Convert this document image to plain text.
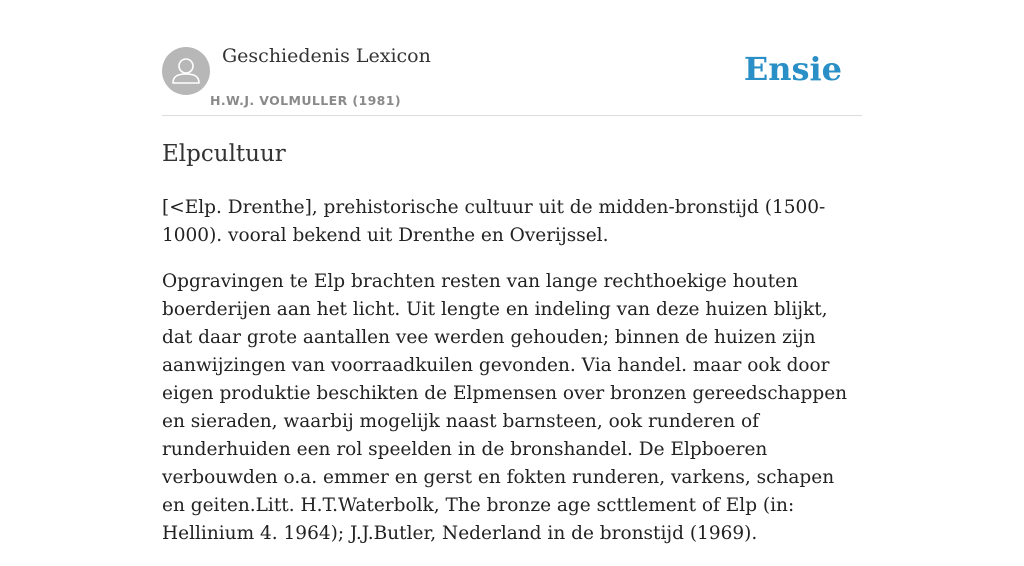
Geschiedenis Lexicon
H.W.J. VOLMULLER (1981)
Ensie
Elpcultuur

[<Elp. Drenthe], prehistorische cultuur uit de midden-bronstijd (1500-1000). vooral bekend uit Drenthe en Overijssel.

Opgravingen te Elp brachten resten van lange rechthoekige houten boerderijen aan het licht. Uit lengte en indeling van deze huizen blijkt, dat daar grote aantallen vee werden gehouden; binnen de huizen zijn aanwijzingen van voorraadkuilen gevonden. Via handel. maar ook door eigen produktie beschikten de Elpmensen over bronzen gereedschappen en sieraden, waarbij mogelijk naast barnsteen, ook runderen of runderhuiden een rol speelden in de bronshandel. De Elpboeren verbouwden o.a. emmer en gerst en fokten runderen, varkens, schapen en geiten.Litt. H.T.Waterbolk, The bronze age scttlement of Elp (in: Hellinium 4. 1964); J.J.Butler, Nederland in de bronstijd (1969).
